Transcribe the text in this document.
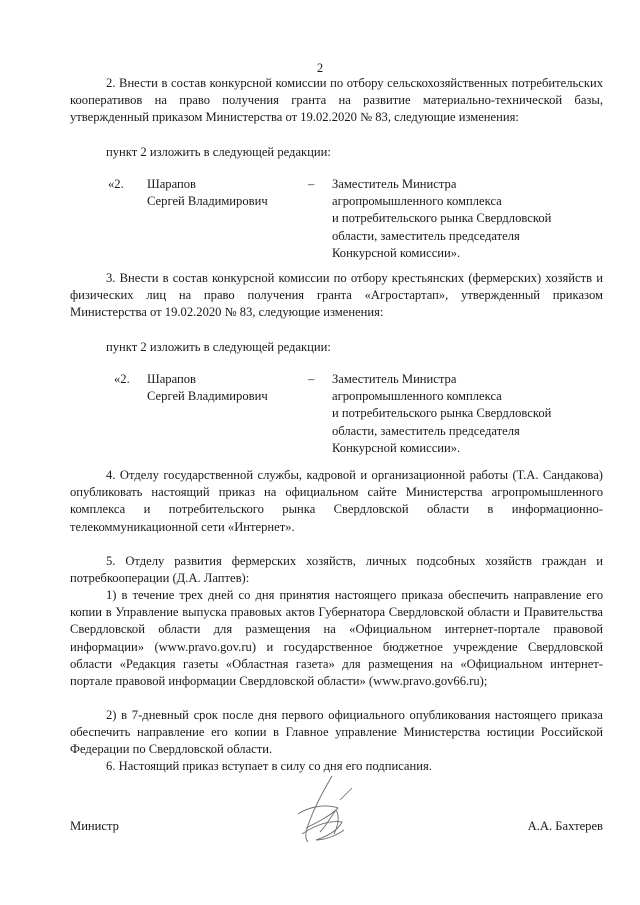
2

2. Внести в состав конкурсной комиссии по отбору сельскохозяйственных потребительских кооперативов на право получения гранта на развитие материально-технической базы, утвержденный приказом Министерства от 19.02.2020 № 83, следующие изменения:

пункт 2 изложить в следующей редакции:

«2. Шарапов
Сергей Владимирович
– Заместитель Министра
агропромышленного комплекса
и потребительского рынка Свердловской
области, заместитель председателя
Конкурсной комиссии».

3. Внести в состав конкурсной комиссии по отбору крестьянских (фермерских) хозяйств и физических лиц на право получения гранта «Агростартап», утвержденный приказом Министерства от 19.02.2020 № 83, следующие изменения:

пункт 2 изложить в следующей редакции:

«2. Шарапов
Сергей Владимирович
– Заместитель Министра
агропромышленного комплекса
и потребительского рынка Свердловской
области, заместитель председателя
Конкурсной комиссии».

4. Отделу государственной службы, кадровой и организационной работы (Т.А. Сандакова) опубликовать настоящий приказ на официальном сайте Министерства агропромышленного комплекса и потребительского рынка Свердловской области в информационно-телекоммуникационной сети «Интернет».

5. Отделу развития фермерских хозяйств, личных подсобных хозяйств граждан и потребкооперации (Д.А. Лаптев):

1) в течение трех дней со дня принятия настоящего приказа обеспечить направление его копии в Управление выпуска правовых актов Губернатора Свердловской области и Правительства Свердловской области для размещения на «Официальном интернет-портале правовой информации» (www.pravo.gov.ru) и государственное бюджетное учреждение Свердловской области «Редакция газеты «Областная газета» для размещения на «Официальном интернет-портале правовой информации Свердловской области» (www.pravo.gov66.ru);

2) в 7-дневный срок после дня первого официального опубликования настоящего приказа обеспечить направление его копии в Главное управление Министерства юстиции Российской Федерации по Свердловской области.

6. Настоящий приказ вступает в силу со дня его подписания.

Министр	А.А. Бахтерев
